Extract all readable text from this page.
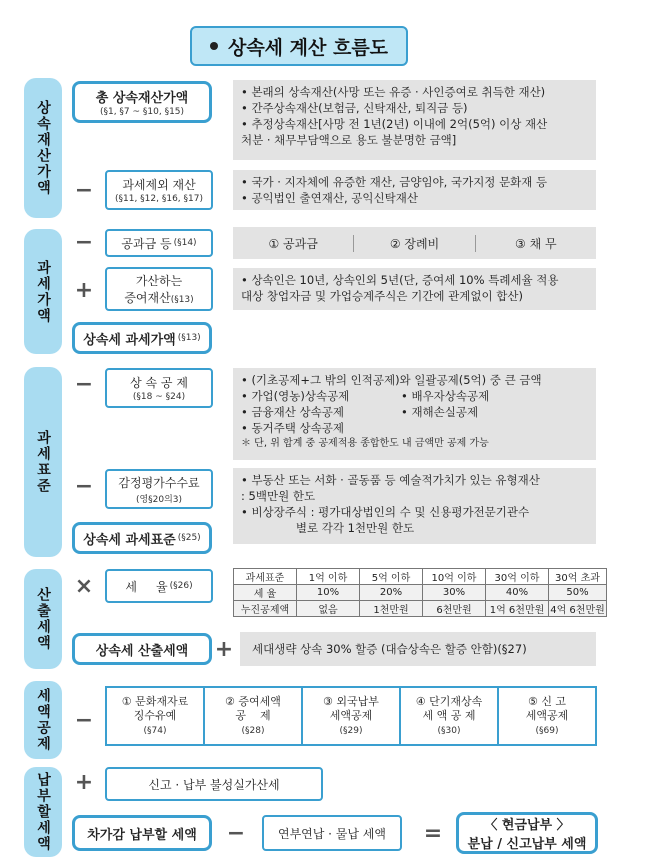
상속세 계산 흐름도
상속재산가액
과세가액
과세표준
산출세액
세액공제
납부할세액
총 상속재산가액
(§1, §7 ~ §10, §15)
• 본래의 상속재산(사망 또는 유증 · 사인증여로 취득한 재산)
• 간주상속재산(보험금, 신탁재산, 퇴직금 등)
• 추정상속재산[사망 전 1년(2년) 이내에 2억(5억) 이상 재산
처분 · 채무부담액으로 용도 불분명한 금액]
− 과세제외 재산
(§11, §12, §16, §17)
• 국가 · 지자체에 유증한 재산, 금양임야, 국가지정 문화재 등
• 공익법인 출연재산, 공익신탁재산
− 공과금 등 (§14)	① 공과금	② 장례비	③ 채 무
+	가산하는
증여재산 (§13)
• 상속인은 10년, 상속인외 5년(단, 증여세 10% 특례세율 적용
대상 창업자금 및 가업승계주식은 기간에 관계없이 합산)
상속세 과세가액 (§13)
−	상 속 공 제
(§18 ~ §24)
• (기초공제+그 밖의 인적공제)와 일괄공제(5억) 중 큰 금액
• 가업(영농)상속공제
• 금융재산 상속공제
• 배우자상속공제
• 재해손실공제
• 동거주택 상속공제
＊ 단, 위 합계 중 공제적용 종합한도 내 금액만 공제 가능
− 감정평가수수료
(영§20의3)
• 부동산 또는 서화 · 골동품 등 예술적가치가 있는 유형재산
: 5백만원 한도
• 비상장주식 : 평가대상법인의 수 및 신용평가전문기관수
별로 각각 1천만원 한도
상속세 과세표준 (§25)
×	세     율 (§26)
과세표준	1억 이하	5억 이하	10억 이하	30억 이하	30억 초과
세 율	10%	20%	30%	40%	50%
누진공제액	없음	1천만원	6천만원	1억 6천만원	4억 6천만원
상속세 산출세액 + 세대생략 상속 30% 할증 (대습상속은 할증 안함)(§27)
−
① 문화재자료
징수유예
(§74)
② 증여세액
공    제
(§28)
③ 외국납부
세액공제
(§29)
④ 단기재상속
세 액 공 제
(§30)
⑤ 신 고
세액공제
(§69)
+	신고 · 납부 불성실가산세
차가감 납부할 세액 −	연부연납 · 물납 세액 =	〈 현금납부 〉
분납 / 신고납부 세액
